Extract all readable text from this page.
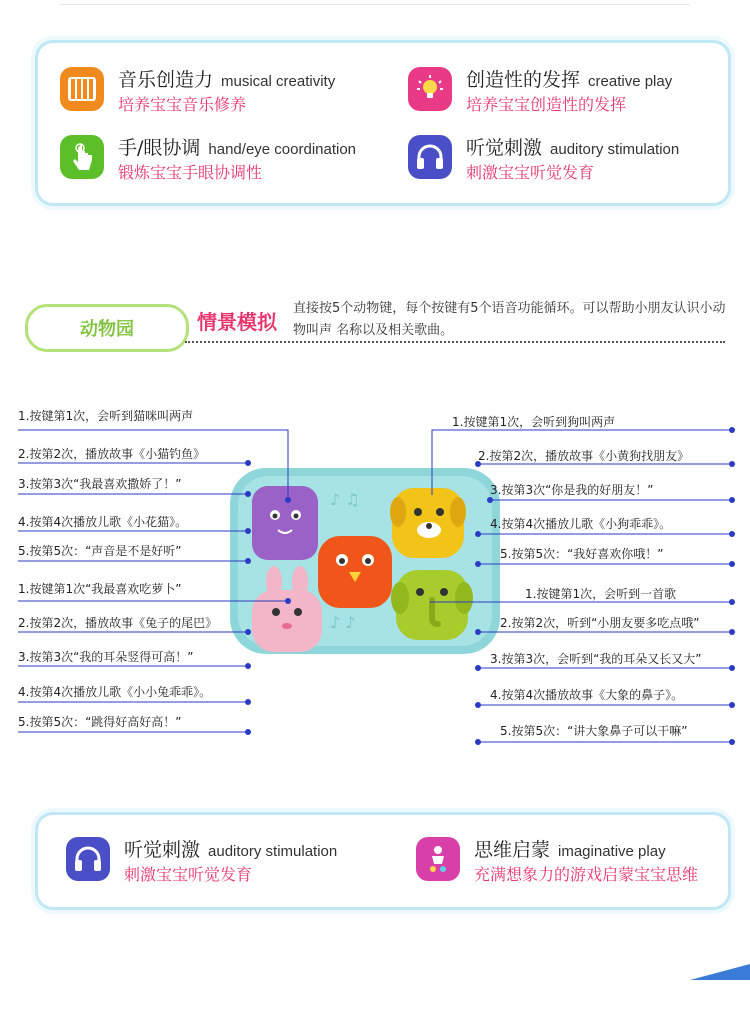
音乐创造力 musical creativity
培养宝宝音乐修养
创造性的发挥 creative play
培养宝宝创造性的发挥
手/眼协调 hand/eye coordination
锻炼宝宝手眼协调性
听觉刺激 auditory stimulation
刺激宝宝听觉发育
动物园	情景模拟
直接按5个动物键，每个按键有5个语音功能循环。可以帮助小朋友认识小动物叫声 名称以及相关歌曲。
♪ ♫
♪ ♪
1.按键第1次，会听到猫咪叫两声
2.按第2次，播放故事《小猫钓鱼》
3.按第3次“我最喜欢撒娇了！”
4.按第4次播放儿歌《小花猫》。
5.按第5次：“声音是不是好听”
1.按键第1次“我最喜欢吃萝卜”
2.按第2次，播放故事《兔子的尾巴》
3.按第3次“我的耳朵竖得可高！”
4.按第4次播放儿歌《小小兔乖乖》。
5.按第5次：“跳得好高好高！”
1.按键第1次，会听到狗叫两声
2.按第2次，播放故事《小黄狗找朋友》
3.按第3次“你是我的好朋友！”
4.按第4次播放儿歌《小狗乖乖》。
5.按第5次：“我好喜欢你哦！”
1.按键第1次，会听到一首歌
2.按第2次，听到“小朋友要多吃点哦”
3.按第3次，会听到“我的耳朵又长又大”
4.按第4次播放故事《大象的鼻子》。
5.按第5次：“讲大象鼻子可以干嘛”
听觉刺激 auditory stimulation
刺激宝宝听觉发育
思维启蒙 imaginative play
充满想象力的游戏启蒙宝宝思维
